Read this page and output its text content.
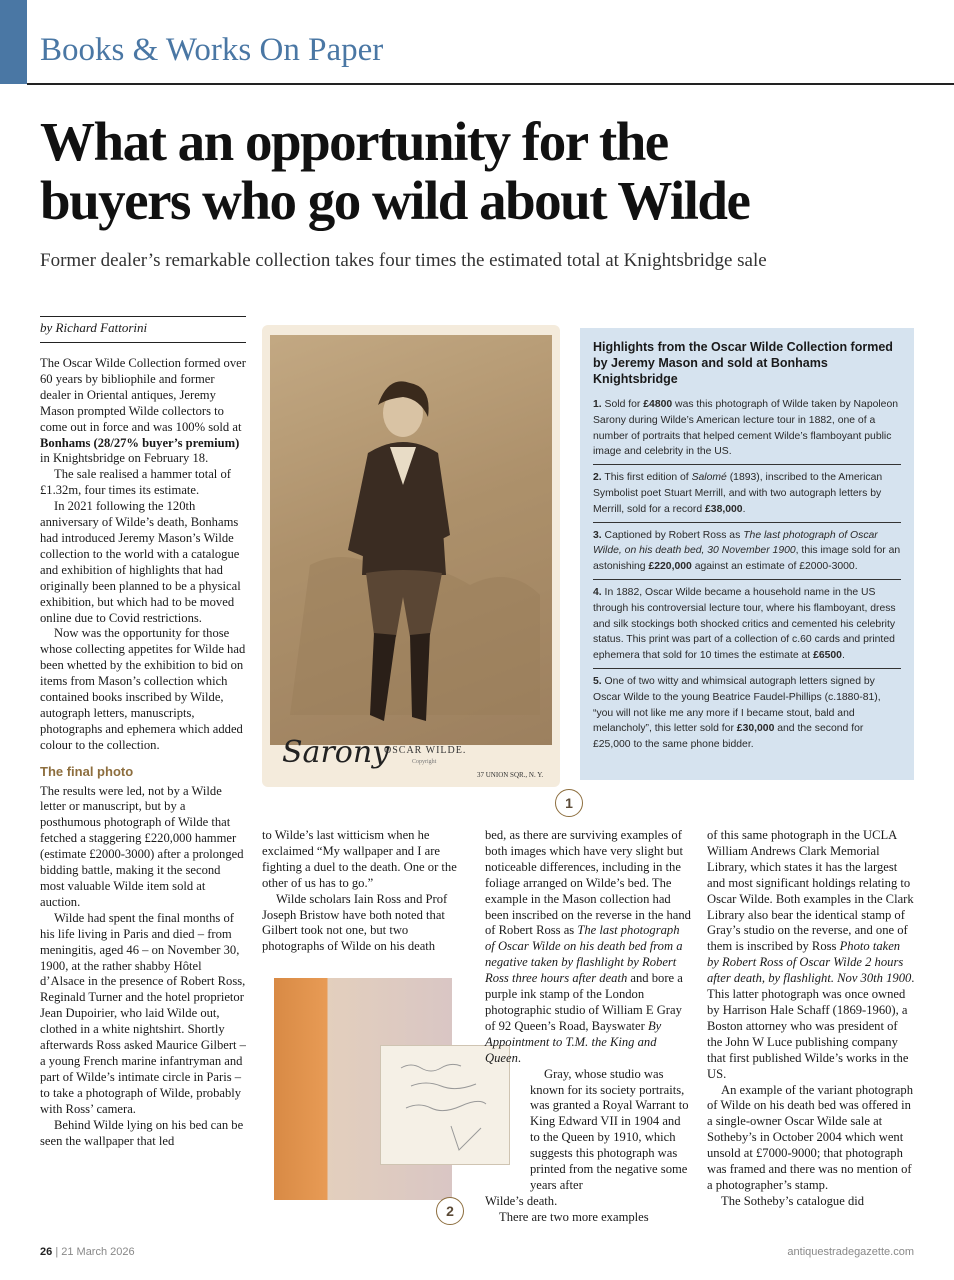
Books & Works On Paper
What an opportunity for the
buyers who go wild about Wilde
Former dealer’s remarkable collection takes four times the estimated total at Knightsbridge sale
by Richard Fattorini

The Oscar Wilde Collection formed over 60 years by bibliophile and former dealer in Oriental antiques, Jeremy Mason prompted Wilde collectors to come out in force and was 100% sold at Bonhams (28/27% buyer’s premium) in Knightsbridge on February 18.

The sale realised a hammer total of £1.32m, four times its estimate.

In 2021 following the 120th anniversary of Wilde’s death, Bonhams had introduced Jeremy Mason’s Wilde collection to the world with a catalogue and exhibition of highlights that had originally been planned to be a physical exhibition, but which had to be moved online due to Covid restrictions.

Now was the opportunity for those whose collecting appetites for Wilde had been whetted by the exhibition to bid on items from Mason’s collection which contained books inscribed by Wilde, autograph letters, manuscripts, photographs and ephemera which added colour to the collection.

The final photo

The results were led, not by a Wilde letter or manuscript, but by a posthumous photograph of Wilde that fetched a staggering £220,000 hammer (estimate £2000-3000) after a prolonged bidding battle, making it the second most valuable Wilde item sold at auction.

Wilde had spent the final months of his life living in Paris and died – from meningitis, aged 46 – on November 30, 1900, at the rather shabby Hôtel d’Alsace in the presence of Robert Ross, Reginald Turner and the hotel proprietor Jean Dupoirier, who laid Wilde out, clothed in a white nightshirt. Shortly afterwards Ross asked Maurice Gilbert – a young French marine infantryman and part of Wilde’s intimate circle in Paris – to take a photograph of Wilde, probably with Ross’ camera.

Behind Wilde lying on his bed can be seen the wallpaper that led

Sarony
OSCAR WILDE.
Copyright
37 UNION SQR., N. Y.
1
Highlights from the Oscar Wilde Collection formed by Jeremy Mason and sold at Bonhams Knightsbridge
1. Sold for £4800 was this photograph of Wilde taken by Napoleon Sarony during Wilde’s American lecture tour in 1882, one of a number of portraits that helped cement Wilde’s flamboyant public image and celebrity in the US.
2. This first edition of Salomé (1893), inscribed to the American Symbolist poet Stuart Merrill, and with two autograph letters by Merrill, sold for a record £38,000.
3. Captioned by Robert Ross as The last photograph of Oscar Wilde, on his death bed, 30 November 1900, this image sold for an astonishing £220,000 against an estimate of £2000-3000.
4. In 1882, Oscar Wilde became a household name in the US through his controversial lecture tour, where his flamboyant, dress and silk stockings both shocked critics and cemented his celebrity status. This print was part of a collection of c.60 cards and printed ephemera that sold for 10 times the estimate at £6500.
5. One of two witty and whimsical autograph letters signed by Oscar Wilde to the young Beatrice Faudel-Phillips (c.1880-81), “you will not like me any more if I became stout, bald and melancholy”, this letter sold for £30,000 and the second for £25,000 to the same phone bidder.

to Wilde’s last witticism when he exclaimed “My wallpaper and I are fighting a duel to the death. One or the other of us has to go.”

Wilde scholars Iain Ross and Prof Joseph Bristow have both noted that Gilbert took not one, but two photographs of Wilde on his death

2

bed, as there are surviving examples of both images which have very slight but noticeable differences, including in the foliage arranged on Wilde’s bed. The example in the Mason collection had been inscribed on the reverse in the hand of Robert Ross as The last photograph of Oscar Wilde on his death bed from a negative taken by flashlight by Robert Ross three hours after death and bore a purple ink stamp of the London photographic studio of William E Gray of 92 Queen’s Road, Bayswater By Appointment to T.M. the King and Queen.

Gray, whose studio was known for its society portraits, was granted a Royal Warrant to King Edward VII in 1904 and to the Queen by 1910, which suggests this photograph was printed from the negative some years after

Wilde’s death.

There are two more examples

of this same photograph in the UCLA William Andrews Clark Memorial Library, which states it has the largest and most significant holdings relating to Oscar Wilde. Both examples in the Clark Library also bear the identical stamp of Gray’s studio on the reverse, and one of them is inscribed by Ross Photo taken by Robert Ross of Oscar Wilde 2 hours after death, by flashlight. Nov 30th 1900. This latter photograph was once owned by Harrison Hale Schaff (1869-1960), a Boston attorney who was president of the John W Luce publishing company that first published Wilde’s works in the US.

An example of the variant photograph of Wilde on his death bed was offered in a single-owner Oscar Wilde sale at Sotheby’s in October 2004 which went unsold at £7000-9000; that photograph was framed and there was no mention of a photographer’s stamp.

The Sotheby’s catalogue did

26 | 21 March 2026	antiquestradegazette.com
